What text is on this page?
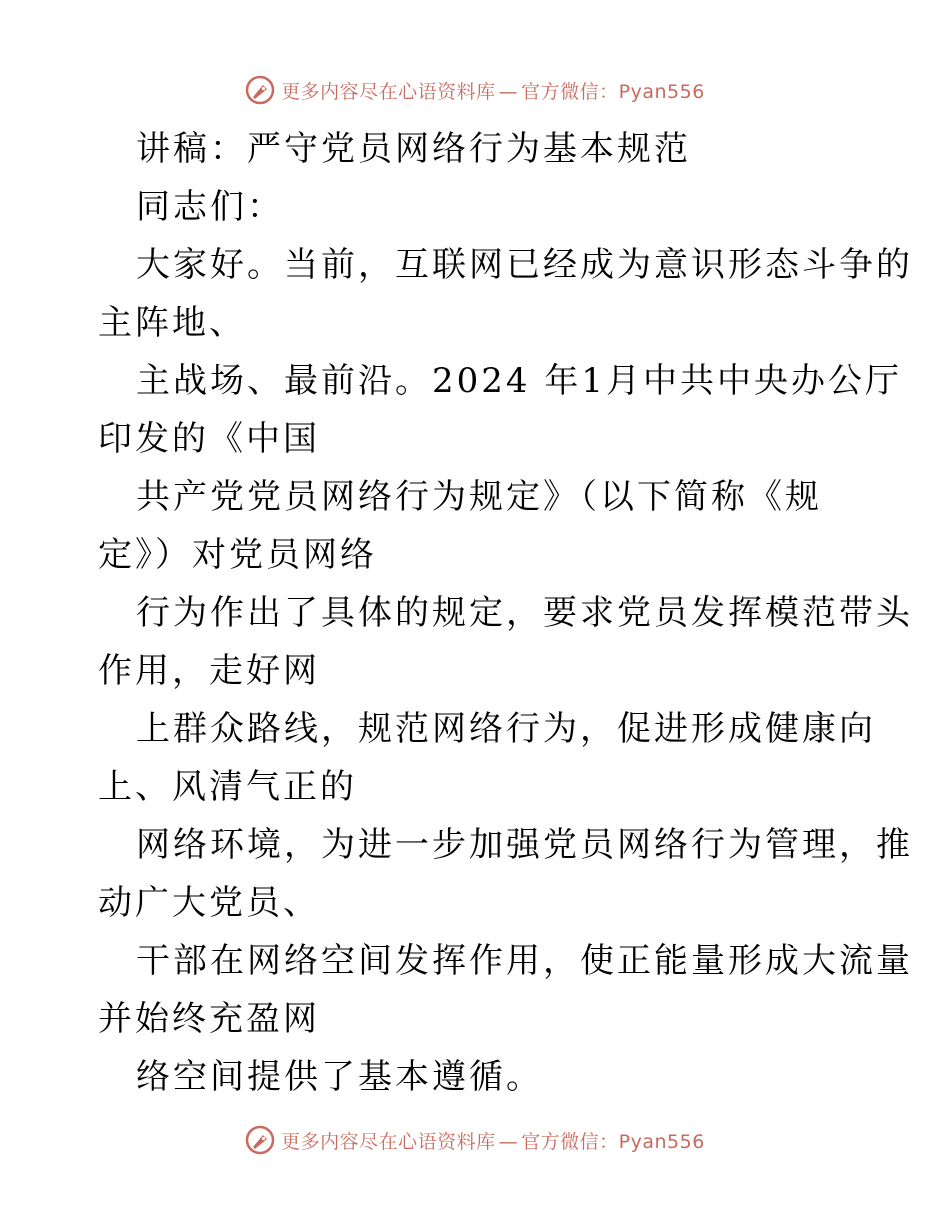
更多内容尽在心语资料库 — 官方微信：Pyan556

讲稿：严守党员网络行为基本规范

同志们：

大家好。当前，互联网已经成为意识形态斗争的
主阵地、

主战场、最前沿。2024 年1月中共中央办公厅
印发的《中国

共产党党员网络行为规定》（以下简称《规
定》）对党员网络

行为作出了具体的规定，要求党员发挥模范带头
作用，走好网

上群众路线，规范网络行为，促进形成健康向
上、风清气正的

网络环境，为进一步加强党员网络行为管理，推
动广大党员、

干部在网络空间发挥作用，使正能量形成大流量
并始终充盈网

络空间提供了基本遵循。

更多内容尽在心语资料库 — 官方微信：Pyan556
